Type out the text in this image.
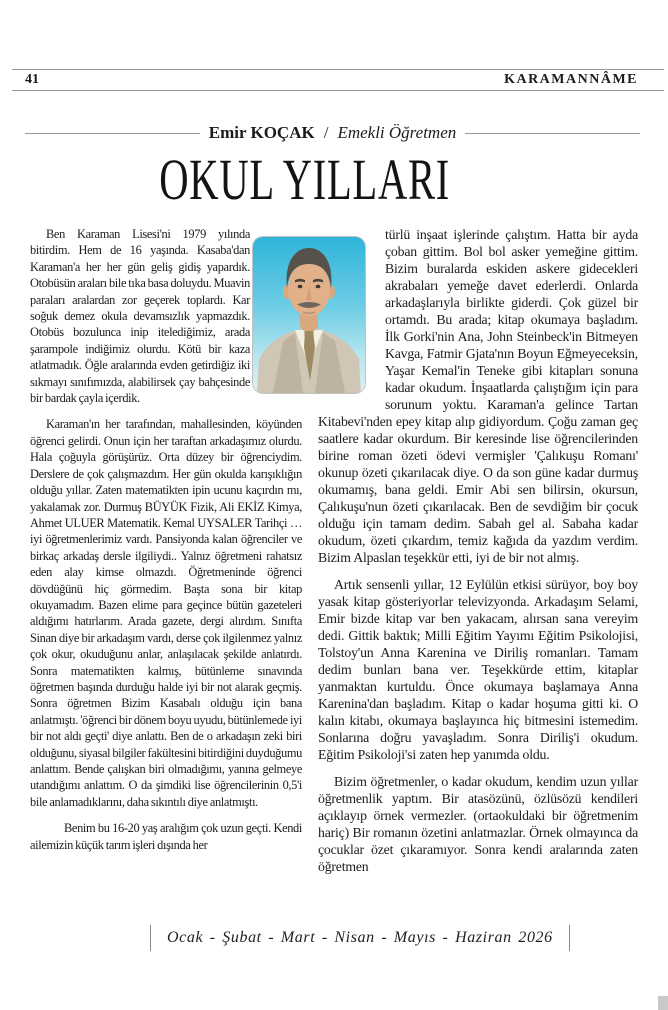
41	KARAMANNÂME
Emir KOÇAK / Emekli Öğretmen
OKUL YILLARI

Ben Karaman Lisesi'ni 1979 yılında bitirdim. Hem de 16 yaşında. Kasaba'dan Karaman'a her her gün geliş gidiş yapardık. Otobüsün araları bile tıka basa doluydu. Muavin paraları aralardan zor geçerek toplardı. Kar soğuk demez okula devamsızlık yapmazdık. Otobüs bozulunca inip itelediğimiz, arada şarampole indiğimiz olurdu. Kötü bir kaza atlatmadık. Öğle aralarında evden getirdiğiz iki sıkmayı sınıfımızda, alabilirsek çay bahçesinde bir bardak çayla içerdik.

Karaman'ın her tarafından, mahallesinden, köyünden öğrenci gelirdi. Onun için her taraftan arkadaşımız olurdu. Hala çoğuyla görüşürüz. Orta düzey bir öğrenciydim. Derslere de çok çalışmazdım. Her gün okulda karışıklığın olduğu yıllar. Zaten matematikten ipin ucunu kaçırdın mı, yakalamak zor. Durmuş BÜYÜK Fizik, Ali EKİZ Kimya, Ahmet ULUER Matematik. Kemal UYSALER Tarihçi … iyi öğretmenlerimiz vardı. Pansiyonda kalan öğrenciler ve birkaç arkadaş dersle ilgiliydi.. Yalnız öğretmeni rahatsız eden alay kimse olmazdı. Öğretmeninde öğrenci dövdüğünü hiç görmedim. Başta sona bir kitap okuyamadım. Bazen elime para geçince bütün gazeteleri aldığımı hatırlarım. Arada gazete, dergi alırdım. Sınıfta Sinan diye bir arkadaşım vardı, derse çok ilgilenmez yalnız çok okur, okuduğunu anlar, anlaşılacak şekilde anlatırdı. Sonra matematikten kalmış, bütünleme sınavında öğretmen başında durduğu halde iyi bir not alarak geçmiş. Sonra öğretmen Bizim Kasabalı olduğu için bana anlatmıştı. 'öğrenci bir dönem boyu uyudu, bütünlemede iyi bir not aldı geçti' diye anlattı. Ben de o arkadaşın zeki biri olduğunu, siyasal bilgiler fakültesini bitirdiğini duyduğumu anlattım. Bende çalışkan biri olmadığımı, yanına gelmeye utandığımı anlattım. O da şimdiki lise öğrencilerinin 0,5'i bile anlamadıklarını, daha sıkıntılı diye anlatmıştı.

Benim bu 16-20 yaş aralığım çok uzun geçti. Kendi ailemizin küçük tarım işleri dışında her

türlü inşaat işlerinde çalıştım. Hatta bir ayda çoban gittim. Bol bol asker yemeğine gittim. Bizim buralarda eskiden askere gidecekleri akrabaları yemeğe davet ederlerdi. Onlarda arkadaşlarıyla birlikte giderdi. Çok güzel bir ortamdı. Bu arada; kitap okumaya başladım. İlk Gorki'nin Ana, John Steinbeck'in Bitmeyen Kavga, Fatmir Gjata'nın Boyun Eğmeyeceksin, Yaşar Kemal'in Teneke gibi kitapları sonuna kadar okudum. İnşaatlarda çalıştığım için para sorunum yoktu. Karaman'a gelince Tartan Kitabevi'nden epey kitap alıp gidiyordum. Çoğu zaman geç saatlere kadar okurdum. Bir keresinde lise öğrencilerinden birine roman özeti ödevi vermişler 'Çalıkuşu Romanı' okunup özeti çıkarılacak diye. O da son güne kadar durmuş okumamış, bana geldi. Emir Abi sen bilirsin, okursun, Çalıkuşu'nun özeti çıkarılacak. Ben de sevdiğim bir çocuk olduğu için tamam dedim. Sabah gel al. Sabaha kadar okudum, özeti çıkardım, temiz kağıda da yazdım verdim. Bizim Alpaslan teşekkür etti, iyi de bir not almış.

Artık sensenli yıllar, 12 Eylülün etkisi sürüyor, boy boy yasak kitap gösteriyorlar televizyonda. Arkadaşım Selami, Emir bizde kitap var ben yakacam, alırsan sana vereyim dedi. Gittik baktık; Milli Eğitim Yayımı Eğitim Psikolojisi, Tolstoy'un Anna Karenina ve Diriliş romanları. Tamam dedim bunları bana ver. Teşekkürde ettim, kitaplar yanmaktan kurtuldu. Önce okumaya başlamaya Anna Karenina'dan başladım. Kitap o kadar hoşuma gitti ki. O kalın kitabı, okumaya başlayınca hiç bitmesini istemedim. Sonlarına doğru yavaşladım. Sonra Diriliş'i okudum. Eğitim Psikoloji'si zaten hep yanımda oldu.

Bizim öğretmenler, o kadar okudum, kendim uzun yıllar öğretmenlik yaptım. Bir atasözünü, özlüsözü kendileri açıklayıp örnek vermezler. (ortaokuldaki bir öğretmenim hariç) Bir romanın özetini anlatmazlar. Örnek olmayınca da çocuklar özet çıkaramıyor. Sonra kendi aralarında zaten öğretmen

Ocak - Şubat - Mart - Nisan - Mayıs - Haziran 2026
